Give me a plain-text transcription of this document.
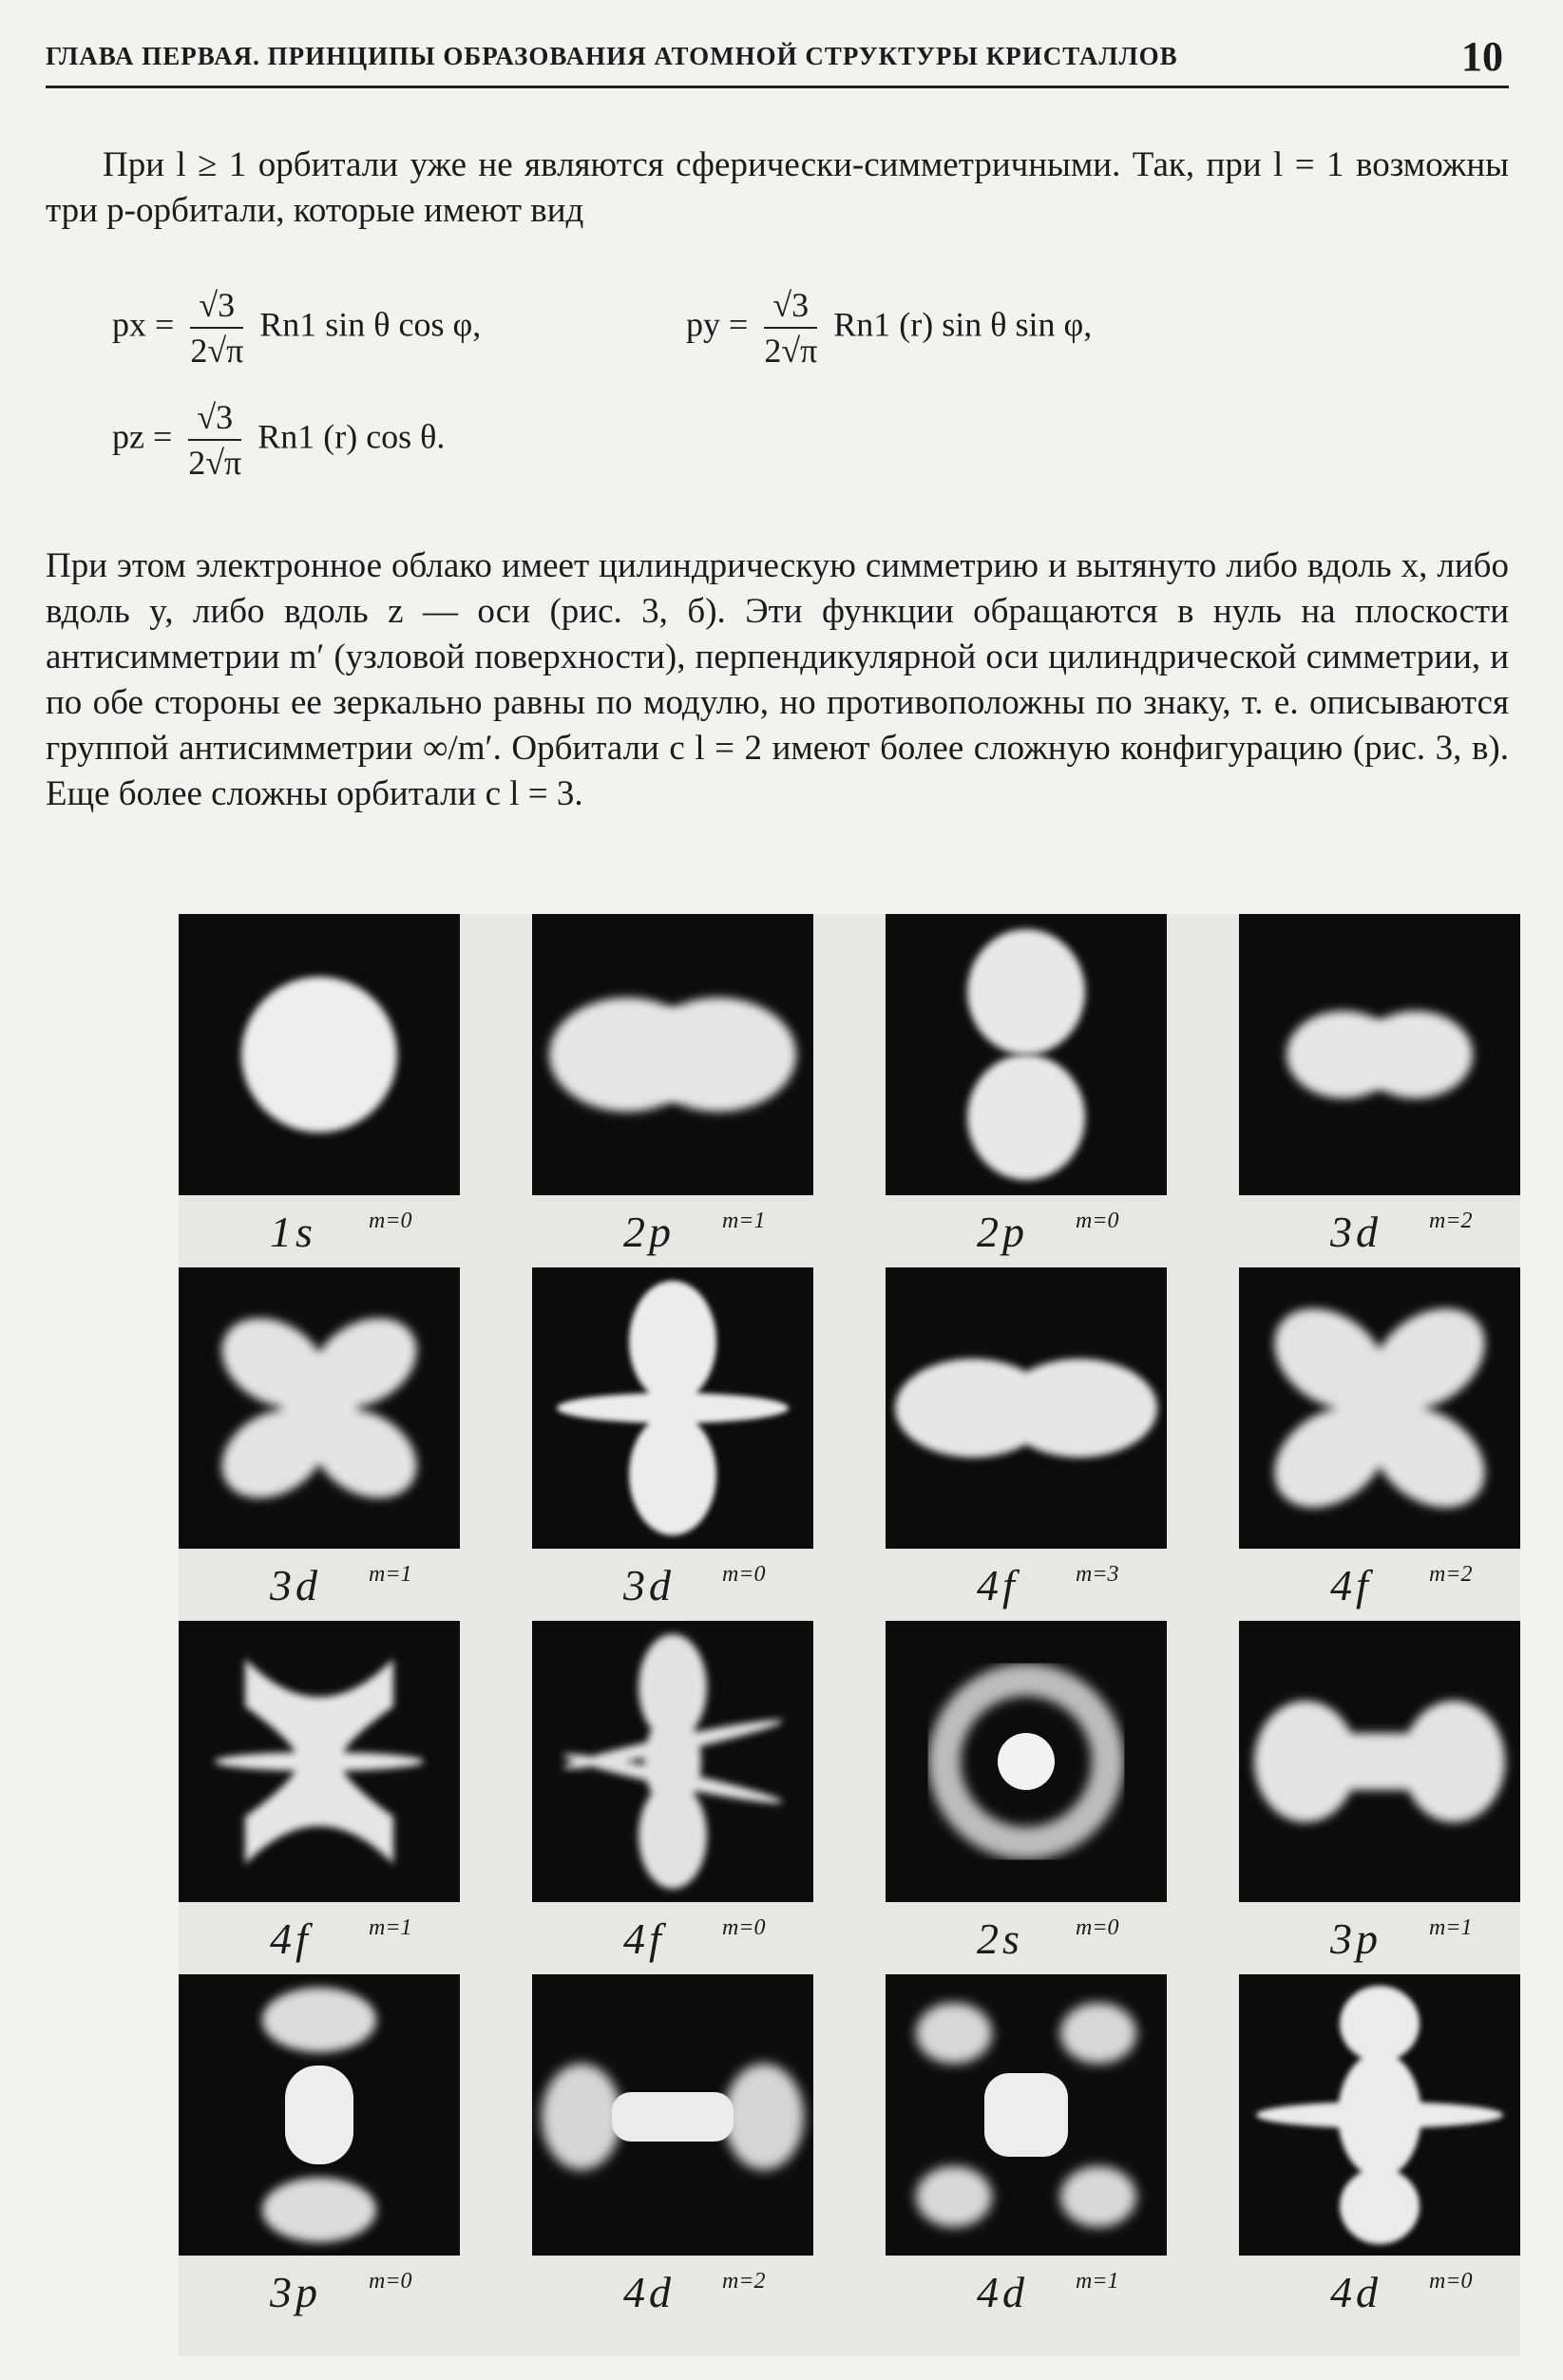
ГЛАВА ПЕРВАЯ. ПРИНЦИПЫ ОБРАЗОВАНИЯ АТОМНОЙ СТРУКТУРЫ КРИСТАЛЛОВ	10
При l ≥ 1 орбитали уже не являются сферически-симметричными. Так, при l = 1 возможны три p-орбитали, которые имеют вид
px = $\frac{√3}{2√\pi} Rn1$ sin θ cos φ,	py = $\frac{√3}{2√\pi} Rn1$ (r) sin θ sin φ,
pz = $\frac{√3}{2√\pi} Rn1$ (r) cos θ.
При этом электронное облако имеет цилиндрическую симметрию и вытянуто либо вдоль x, либо вдоль y, либо вдоль z — оси (рис. 3, б). Эти функции обращаются в нуль на плоскости антисимметрии m′ (узловой поверхности), перпендикулярной оси цилиндрической симметрии, и по обе стороны ее зеркально равны по модулю, но противоположны по знаку, т. е. описываются группой антисимметрии ∞/m′. Орбитали с l = 2 имеют более сложную конфигурацию (рис. 3, в). Еще более сложны орбитали с l = 3.
1s m=0	2p m=1	2p m=0	3d m=2
3d m=1	3d m=0	4f	m=3	4f	m=2
4f	m=1	4f	m=0	2s m=0	3p m=1
3p m=0	4d m=2	4d m=1	4d m=0
